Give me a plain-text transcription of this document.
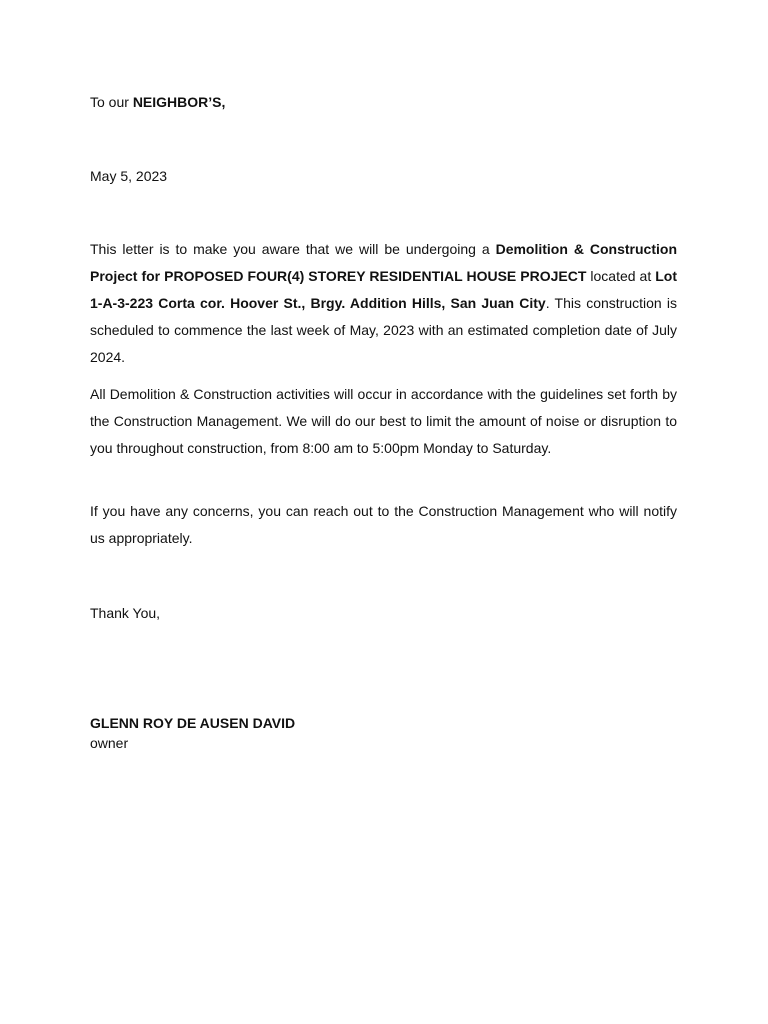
To our NEIGHBOR’S,
May 5, 2023
This letter is to make you aware that we will be undergoing a Demolition & Construction Project for PROPOSED FOUR(4) STOREY RESIDENTIAL HOUSE PROJECT located at Lot 1-A-3-223 Corta cor. Hoover St., Brgy. Addition Hills, San Juan City. This construction is scheduled to commence the last week of May, 2023 with an estimated completion date of July 2024.
All Demolition & Construction activities will occur in accordance with the guidelines set forth by the Construction Management. We will do our best to limit the amount of noise or disruption to you throughout construction, from 8:00 am to 5:00pm Monday to Saturday.
If you have any concerns, you can reach out to the Construction Management who will notify us appropriately.
Thank You,
GLENN ROY DE AUSEN DAVID
owner
